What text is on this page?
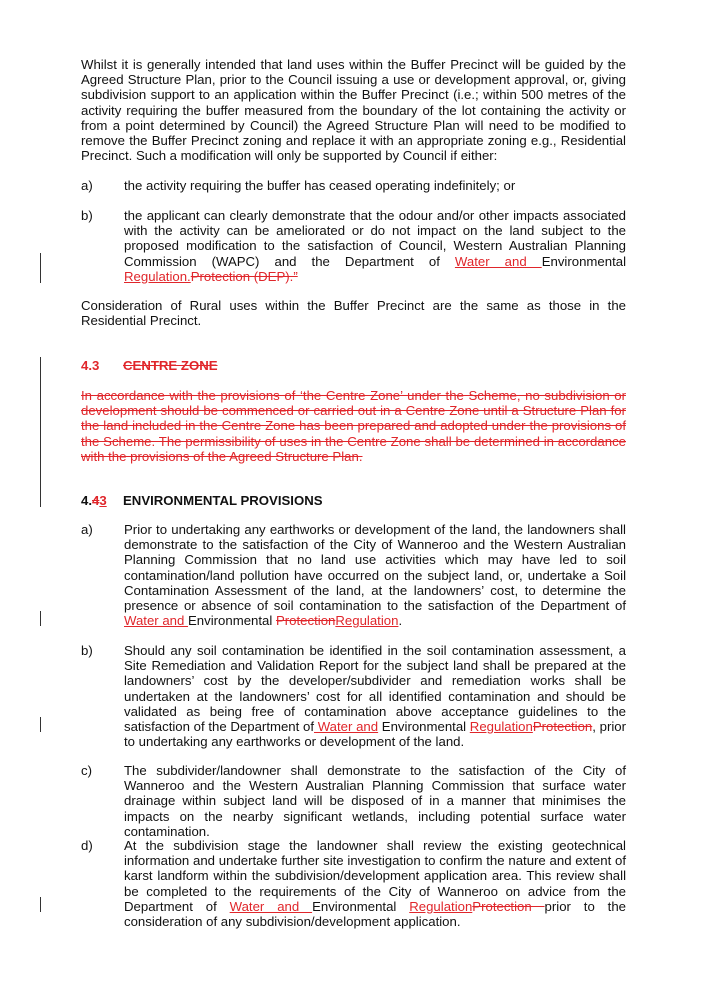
Whilst it is generally intended that land uses within the Buffer Precinct will be guided by the Agreed Structure Plan, prior to the Council issuing a use or development approval, or, giving subdivision support to an application within the Buffer Precinct (i.e.; within 500 metres of the activity requiring the buffer measured from the boundary of the lot containing the activity or from a point determined by Council) the Agreed Structure Plan will need to be modified to remove the Buffer Precinct zoning and replace it with an appropriate zoning e.g., Residential Precinct. Such a modification will only be supported by Council if either:
a)	the activity requiring the buffer has ceased operating indefinitely; or
b)	the applicant can clearly demonstrate that the odour and/or other impacts associated with the activity can be ameliorated or do not impact on the land subject to the proposed modification to the satisfaction of Council, Western Australian Planning Commission (WAPC) and the Department of Water and Environmental Regulation.Protection (DEP).”
Consideration of Rural uses within the Buffer Precinct are the same as those in the Residential Precinct.
4.3 CENTRE ZONE
In accordance with the provisions of ‘the Centre Zone’ under the Scheme, no subdivision or development should be commenced or carried out in a Centre Zone until a Structure Plan for the land included in the Centre Zone has been prepared and adopted under the provisions of the Scheme. The permissibility of uses in the Centre Zone shall be determined in accordance with the provisions of the Agreed Structure Plan.
4.43 ENVIRONMENTAL PROVISIONS
a)	Prior to undertaking any earthworks or development of the land, the landowners shall demonstrate to the satisfaction of the City of Wanneroo and the Western Australian Planning Commission that no land use activities which may have led to soil contamination/land pollution have occurred on the subject land, or, undertake a Soil Contamination Assessment of the land, at the landowners’ cost, to determine the presence or absence of soil contamination to the satisfaction of the Department of Water and Environmental ProtectionRegulation.
b)	Should any soil contamination be identified in the soil contamination assessment, a Site Remediation and Validation Report for the subject land shall be prepared at the landowners’ cost by the developer/subdivider and remediation works shall be undertaken at the landowners’ cost for all identified contamination and should be validated as being free of contamination above acceptance guidelines to the satisfaction of the Department of Water and Environmental RegulationProtection, prior to undertaking any earthworks or development of the land.
c)	The subdivider/landowner shall demonstrate to the satisfaction of the City of Wanneroo and the Western Australian Planning Commission that surface water drainage within subject land will be disposed of in a manner that minimises the impacts on the nearby significant wetlands, including potential surface water contamination.
d)	At the subdivision stage the landowner shall review the existing geotechnical information and undertake further site investigation to confirm the nature and extent of karst landform within the subdivision/development application area. This review shall be completed to the requirements of the City of Wanneroo on advice from the Department of Water and Environmental RegulationProtection prior to the consideration of any subdivision/development application.
